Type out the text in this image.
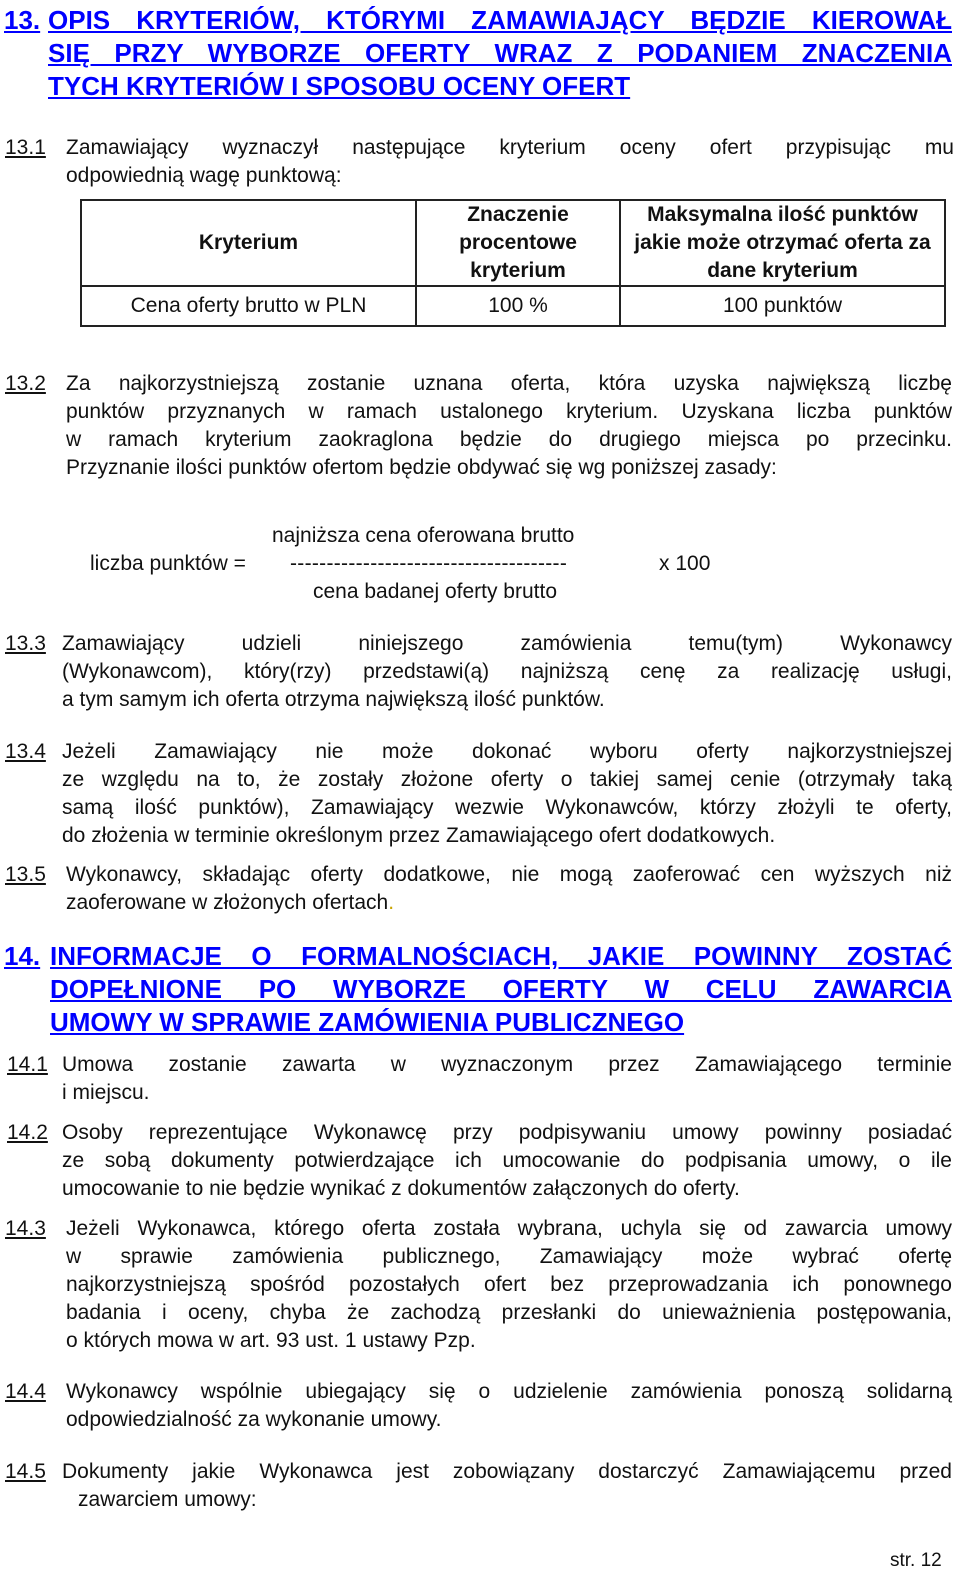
13. OPIS KRYTERIÓW, KTÓRYMI ZAMAWIAJĄCY BĘDZIE KIEROWAŁ
SIĘ PRZY WYBORZE OFERTY WRAZ Z PODANIEM ZNACZENIA
TYCH KRYTERIÓW I SPOSOBU OCENY OFERT
13.1 Zamawiający wyznaczył następujące kryterium oceny ofert przypisując mu
odpowiednią wagę punktową:
Kryterium	Znaczenie procentowe kryterium	Maksymalna ilość punktów jakie może otrzymać oferta za dane kryterium
Cena oferty brutto w PLN	100 %	100 punktów
13.2 Za najkorzystniejszą zostanie uznana oferta, która uzyska największą liczbę
punktów przyznanych w ramach ustalonego kryterium. Uzyskana liczba punktów
w ramach kryterium zaokraglona będzie do drugiego miejsca po przecinku.
Przyznanie ilości punktów ofertom będzie obdywać się wg poniższej zasady:
najniższa cena oferowana brutto
liczba punktów = --------------------------------------	x 100
cena badanej oferty brutto
13.3 Zamawiający udzieli niniejszego zamówienia temu(tym) Wykonawcy
(Wykonawcom), który(rzy) przedstawi(ą) najniższą cenę za realizację usługi,
a tym samym ich oferta otrzyma największą ilość punktów.
13.4 Jeżeli Zamawiający nie może dokonać wyboru oferty najkorzystniejszej
ze względu na to, że zostały złożone oferty o takiej samej cenie (otrzymały taką
samą ilość punktów), Zamawiający wezwie Wykonawców, którzy złożyli te oferty,
do złożenia w terminie określonym przez Zamawiającego ofert dodatkowych.
13.5 Wykonawcy, składając oferty dodatkowe, nie mogą zaoferować cen wyższych niż
zaoferowane w złożonych ofertach.
14. INFORMACJE O FORMALNOŚCIACH, JAKIE POWINNY ZOSTAĆ
DOPEŁNIONE PO WYBORZE OFERTY W CELU ZAWARCIA
UMOWY W SPRAWIE ZAMÓWIENIA PUBLICZNEGO
14.1 Umowa zostanie zawarta w wyznaczonym przez Zamawiającego terminie
i miejscu.
14.2 Osoby reprezentujące Wykonawcę przy podpisywaniu umowy powinny posiadać
ze sobą dokumenty potwierdzające ich umocowanie do podpisania umowy, o ile
umocowanie to nie będzie wynikać z dokumentów załączonych do oferty.
14.3 Jeżeli Wykonawca, którego oferta została wybrana, uchyla się od zawarcia umowy
w sprawie zamówienia publicznego, Zamawiający może wybrać ofertę
najkorzystniejszą spośród pozostałych ofert bez przeprowadzania ich ponownego
badania i oceny, chyba że zachodzą przesłanki do unieważnienia postępowania,
o których mowa w art. 93 ust. 1 ustawy Pzp.
14.4 Wykonawcy wspólnie ubiegający się o udzielenie zamówienia ponoszą solidarną
odpowiedzialność za wykonanie umowy.
14.5 Dokumenty jakie Wykonawca jest zobowiązany dostarczyć Zamawiającemu przed
zawarciem umowy:
str. 12
